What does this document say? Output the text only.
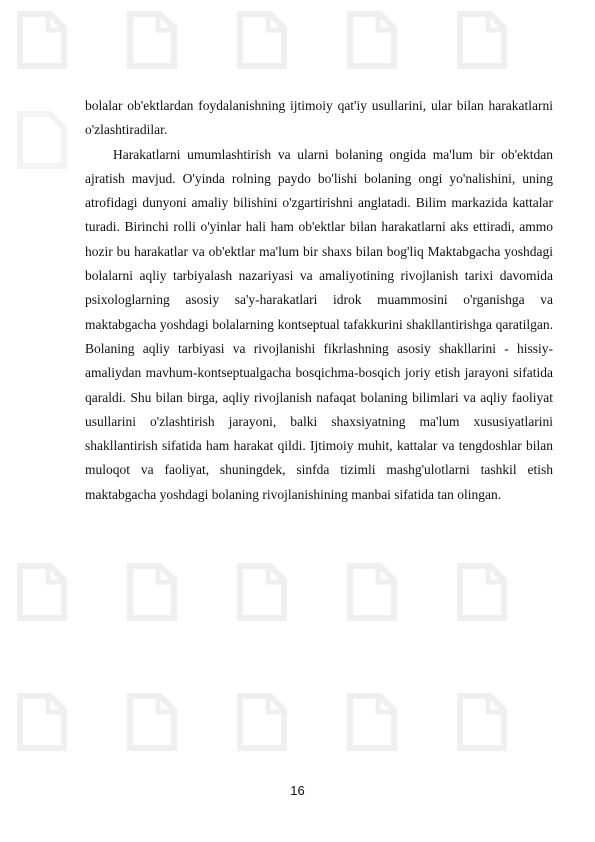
bolalar ob'ektlardan foydalanishning ijtimoiy qat'iy usullarini, ular bilan harakatlarni o'zlashtiradilar.

Harakatlarni umumlashtirish va ularni bolaning ongida ma'lum bir ob'ektdan ajratish mavjud. O'yinda rolning paydo bo'lishi bolaning ongi yo'nalishini, uning atrofidagi dunyoni amaliy bilishini o'zgartirishni anglatadi. Bilim markazida kattalar turadi. Birinchi rolli o'yinlar hali ham ob'ektlar bilan harakatlarni aks ettiradi, ammo hozir bu harakatlar va ob'ektlar ma'lum bir shaxs bilan bog'liq Maktabgacha yoshdagi bolalarni aqliy tarbiyalash nazariyasi va amaliyotining rivojlanish tarixi davomida psixologlarning asosiy sa'y-harakatlari idrok muammosini o'rganishga va maktabgacha yoshdagi bolalarning kontseptual tafakkurini shakllantirishga qaratilgan. Bolaning aqliy tarbiyasi va rivojlanishi fikrlashning asosiy shakllarini - hissiy-amaliydan mavhum-kontseptualgacha bosqichma-bosqich joriy etish jarayoni sifatida qaraldi. Shu bilan birga, aqliy rivojlanish nafaqat bolaning bilimlari va aqliy faoliyat usullarini o'zlashtirish jarayoni, balki shaxsiyatning ma'lum xususiyatlarini shakllantirish sifatida ham harakat qildi. Ijtimoiy muhit, kattalar va tengdoshlar bilan muloqot va faoliyat, shuningdek, sinfda tizimli mashg'ulotlarni tashkil etish maktabgacha yoshdagi bolaning rivojlanishining manbai sifatida tan olingan.

16
